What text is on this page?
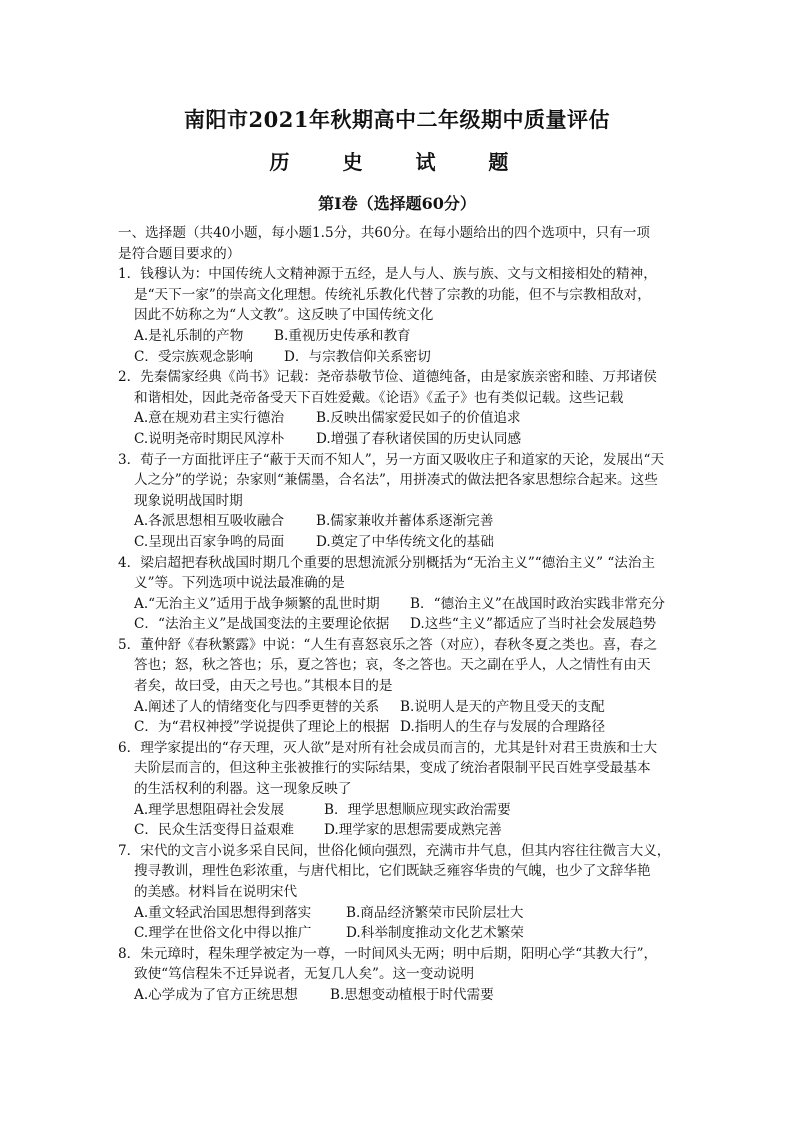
南阳市2021年秋期高中二年级期中质量评估
历 史 试 题
第Ⅰ卷（选择题60分）
一、选择题（共40小题，每小题1.5分，共60分。在每小题给出的四个选项中，只有一项
是符合题目要求的）
1．钱穆认为：中国传统人文精神源于五经，是人与人、族与族、文与文相接相处的精神，
是“天下一家”的崇高文化理想。传统礼乐教化代替了宗教的功能，但不与宗教相敌对，
因此不妨称之为“人文教”。这反映了中国传统文化
A.是礼乐制的产物	B.重视历史传承和教育
C．受宗族观念影响	D．与宗教信仰关系密切
2．先秦儒家经典《尚书》记载：尧帝恭敬节俭、道德纯备，由是家族亲密和睦、万邦诸侯
和谐相处，因此尧帝备受天下百姓爱戴。《论语》《孟子》也有类似记载。这些记载
A.意在规劝君主实行德治	B.反映出儒家爱民如子的价值追求
C.说明尧帝时期民风淳朴	D.增强了春秋诸侯国的历史认同感
3．荀子一方面批评庄子“蔽于天而不知人”，另一方面又吸收庄子和道家的天论，发展出“天
人之分”的学说；杂家则“兼儒墨，合名法”，用拼凑式的做法把各家思想综合起来。这些
现象说明战国时期
A.各派思想相互吸收融合	B.儒家兼收并蓄体系逐渐完善
C.呈现出百家争鸣的局面	D.奠定了中华传统文化的基础
4．梁启超把春秋战国时期几个重要的思想流派分别概括为“无治主义”“德治主义” “法治主
义”等。下列选项中说法最准确的是
A.“无治主义”适用于战争频繁的乱世时期	B．“德治主义”在战国时政治实践非常充分
C．“法治主义”是战国变法的主要理论依据	D.这些“主义”都适应了当时社会发展趋势
5．董仲舒《春秋繁露》中说：“人生有喜怒哀乐之答（对应），春秋冬夏之类也。喜，春之
答也；怒，秋之答也；乐，夏之答也；哀，冬之答也。天之副在乎人，人之情性有由天
者矣，故曰受，由天之号也。”其根本目的是
A.阐述了人的情绪变化与四季更替的关系	B.说明人是天的产物且受天的支配
C．为“君权神授”学说提供了理论上的根据 D.指明人的生存与发展的合理路径
6．理学家提出的“存天理，灭人欲”是对所有社会成员而言的，尤其是针对君王贵族和士大
夫阶层而言的，但这种主张被推行的实际结果，变成了统治者限制平民百姓享受最基本
的生活权利的利器。这一现象反映了
A.理学思想阻碍社会发展	B．理学思想顺应现实政治需要
C．民众生活变得日益艰难	D.理学家的思想需要成熟完善
7．宋代的文言小说多采自民间，世俗化倾向强烈，充满市井气息，但其内容往往微言大义，
搜寻教训，理性色彩浓重，与唐代相比，它们既缺乏雍容华贵的气魄，也少了文辞华艳
的美感。材料旨在说明宋代
A.重文轻武治国思想得到落实	B.商品经济繁荣市民阶层壮大
C.理学在世俗文化中得以推广	D.科举制度推动文化艺术繁荣
8．朱元璋时，程朱理学被定为一尊，一时间风头无两；明中后期，阳明心学“其教大行”，
致使“笃信程朱不迁异说者，无复几人矣”。这一变动说明
A.心学成为了官方正统思想	B.思想变动植根于时代需要
